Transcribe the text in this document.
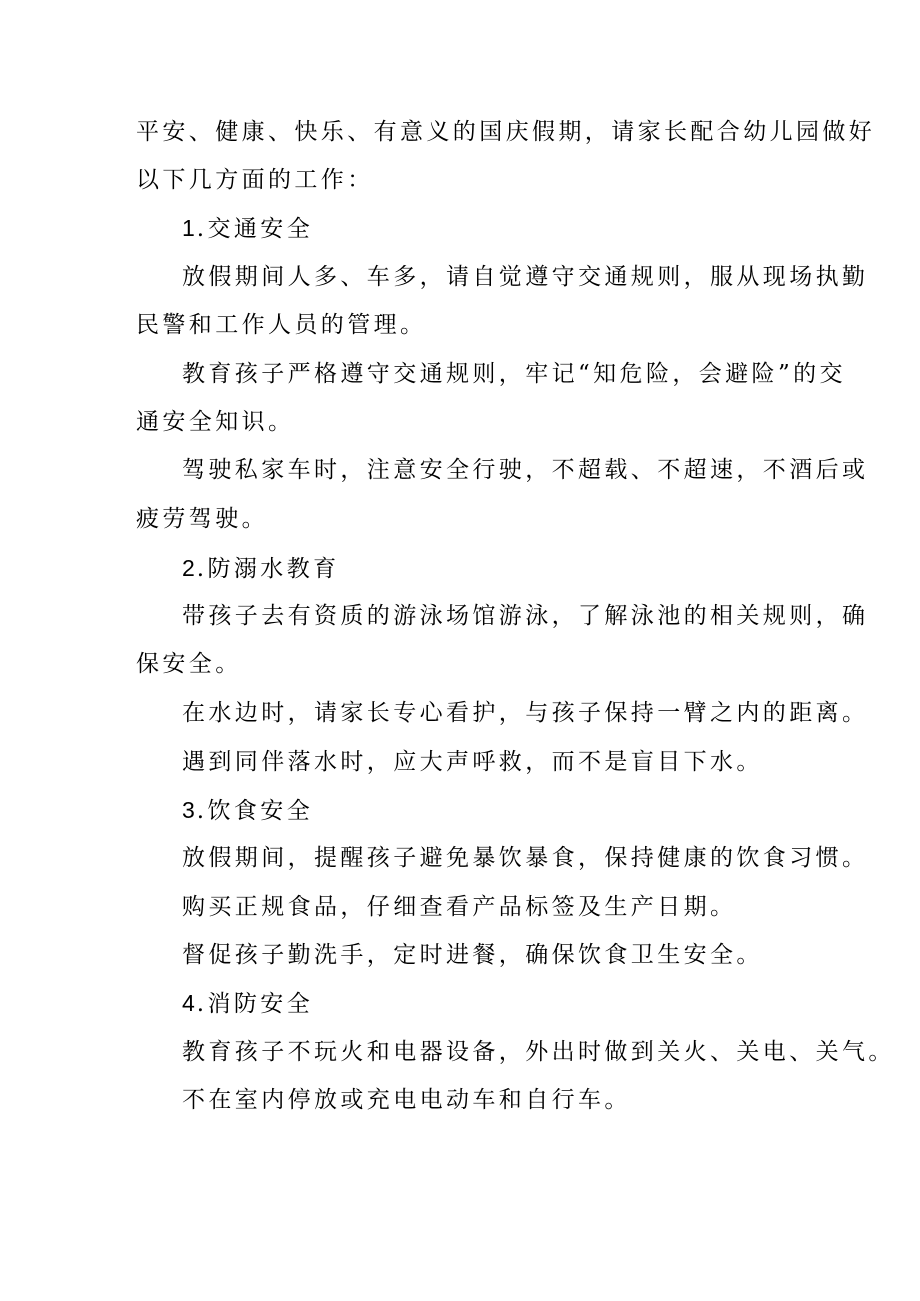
平安、健康、快乐、有意义的国庆假期，请家长配合幼儿园做好

以下几方面的工作：

1.交通安全

放假期间人多、车多，请自觉遵守交通规则，服从现场执勤

民警和工作人员的管理。

教育孩子严格遵守交通规则，牢记“知危险，会避险”的交

通安全知识。

驾驶私家车时，注意安全行驶，不超载、不超速，不酒后或

疲劳驾驶。

2.防溺水教育

带孩子去有资质的游泳场馆游泳，了解泳池的相关规则，确

保安全。

在水边时，请家长专心看护，与孩子保持一臂之内的距离。

遇到同伴落水时，应大声呼救，而不是盲目下水。

3.饮食安全

放假期间，提醒孩子避免暴饮暴食，保持健康的饮食习惯。

购买正规食品，仔细查看产品标签及生产日期。

督促孩子勤洗手，定时进餐，确保饮食卫生安全。

4.消防安全

教育孩子不玩火和电器设备，外出时做到关火、关电、关气。

不在室内停放或充电电动车和自行车。
